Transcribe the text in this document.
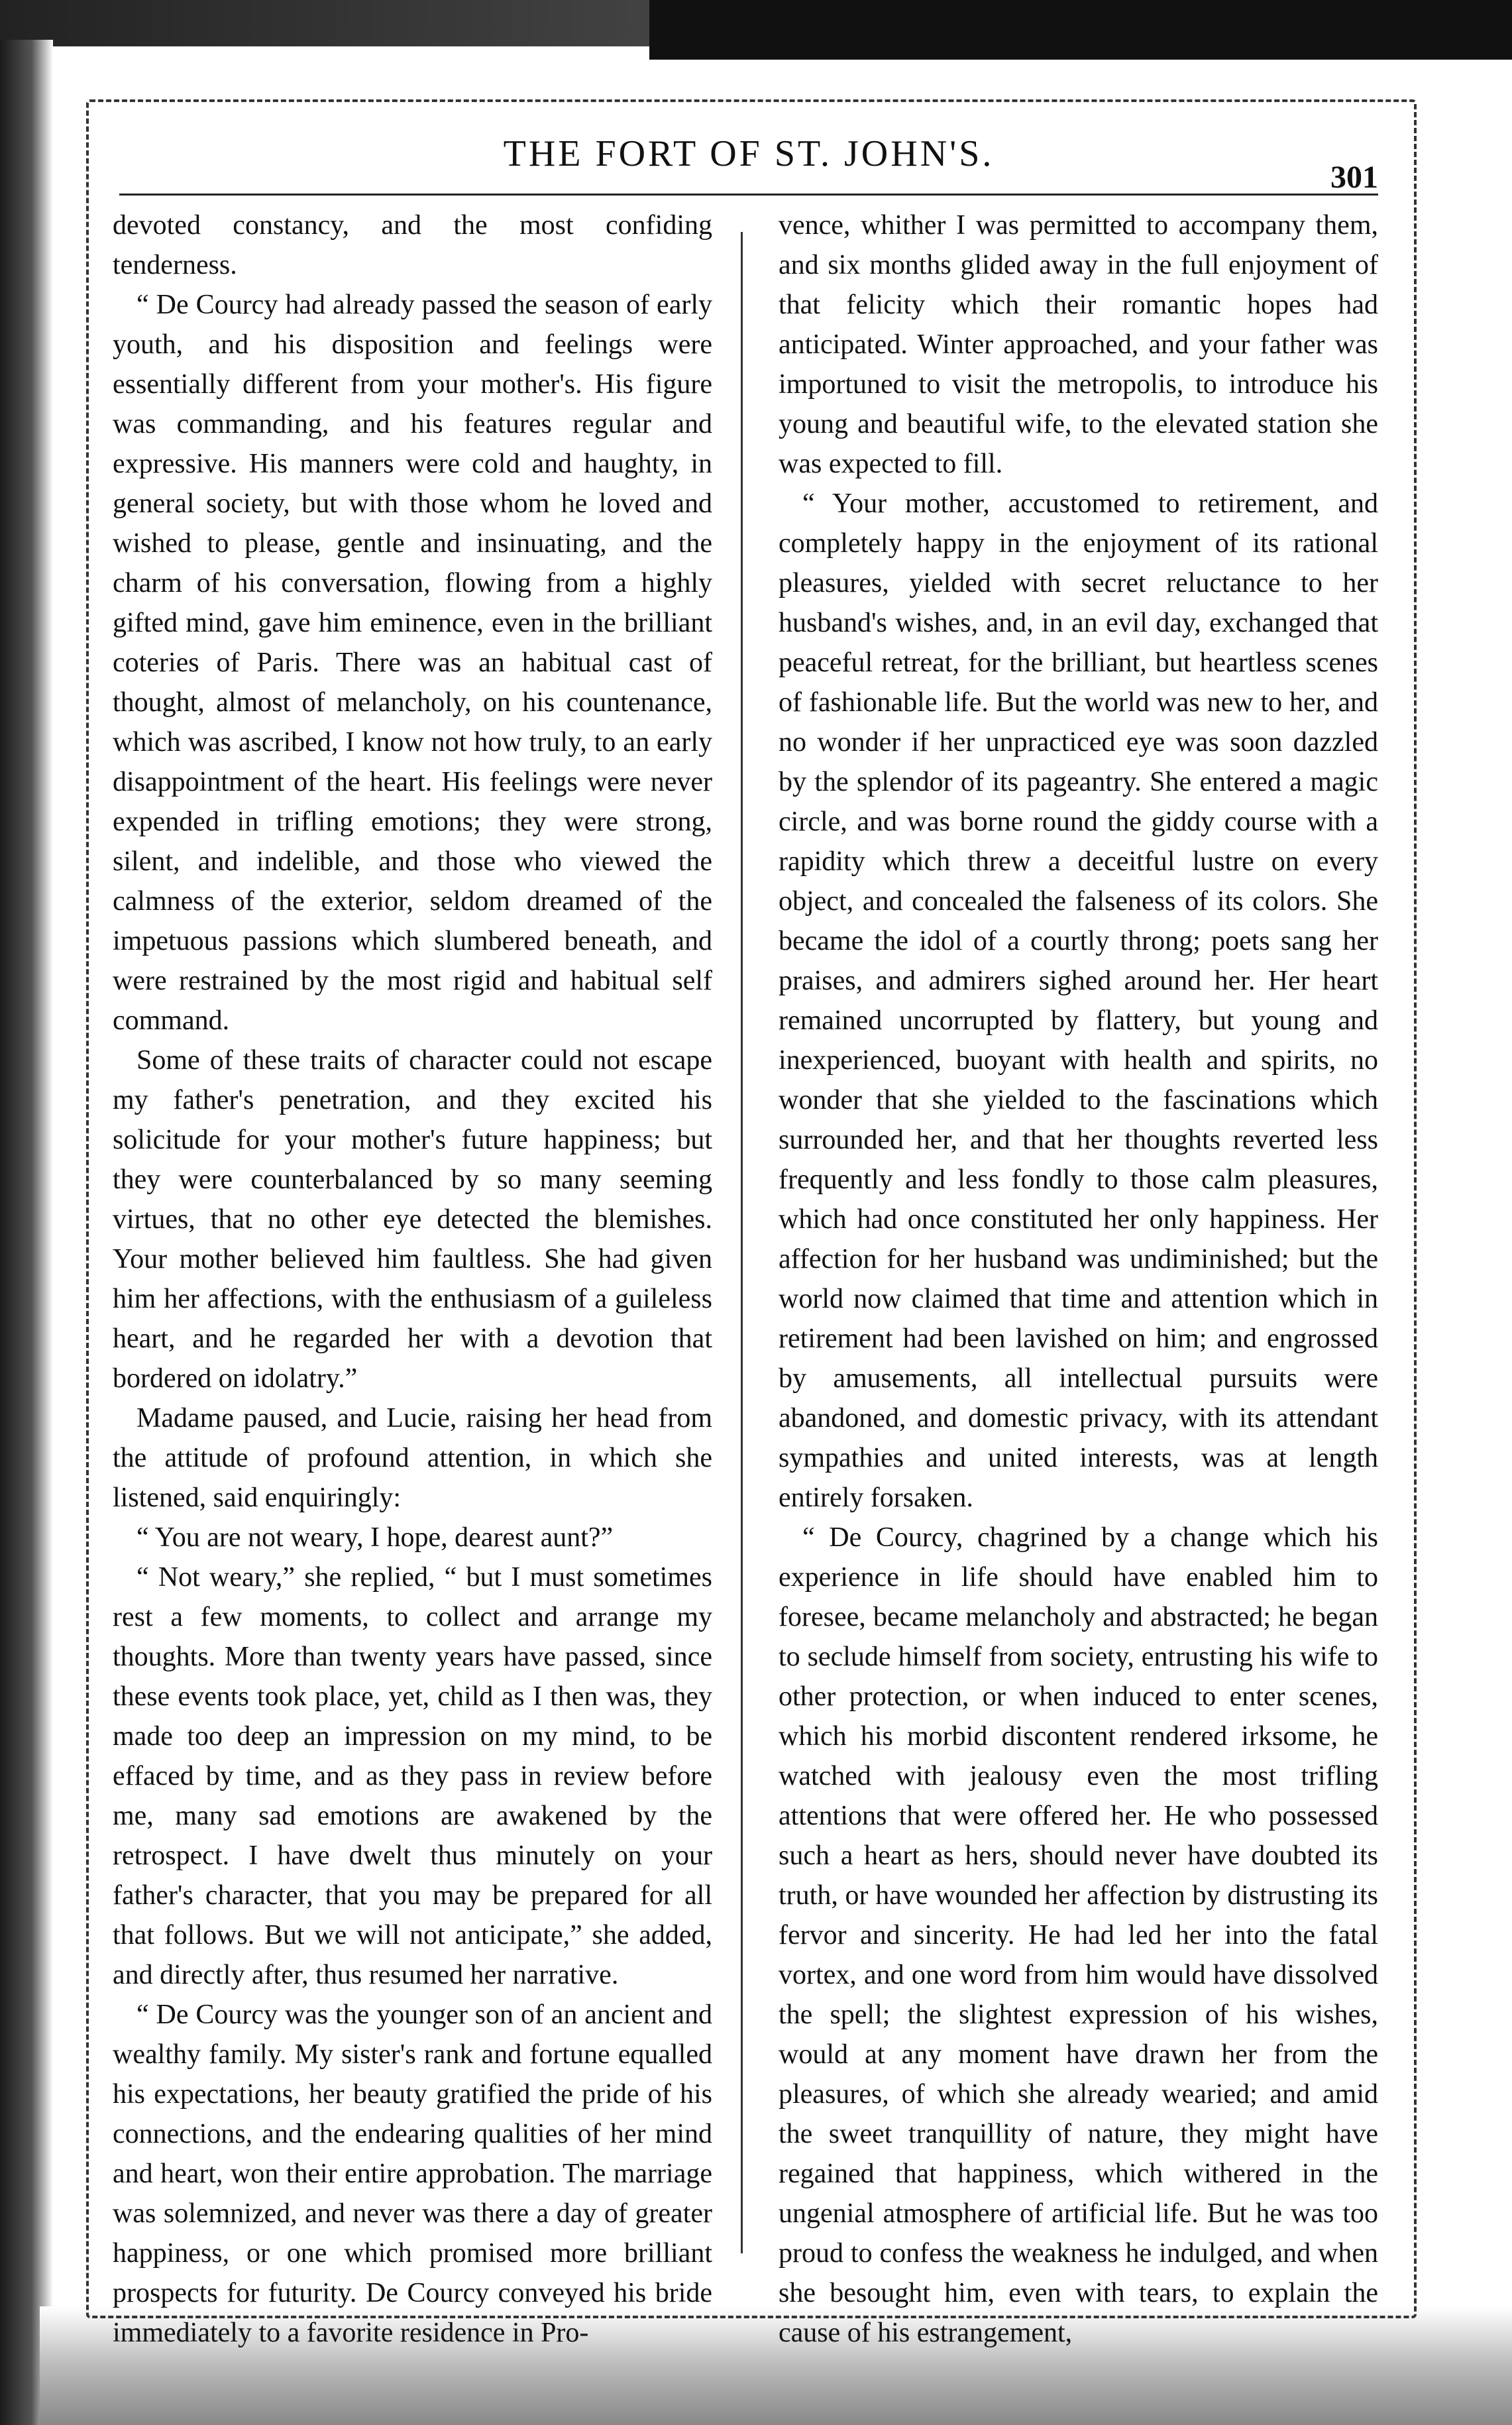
THE FORT OF ST. JOHN'S.
301

devoted constancy, and the most confiding tenderness.

“ De Courcy had already passed the season of early youth, and his disposition and feelings were essentially different from your mother's. His figure was commanding, and his features regular and expressive. His manners were cold and haughty, in general society, but with those whom he loved and wished to please, gentle and insinuating, and the charm of his conversation, flowing from a highly gifted mind, gave him eminence, even in the brilliant coteries of Paris. There was an habitual cast of thought, almost of melancholy, on his countenance, which was ascribed, I know not how truly, to an early disappointment of the heart. His feelings were never expended in trifling emotions; they were strong, silent, and indelible, and those who viewed the calmness of the exterior, seldom dreamed of the impetuous passions which slumbered beneath, and were restrained by the most rigid and habitual self command.

Some of these traits of character could not escape my father's penetration, and they excited his solicitude for your mother's future happiness; but they were counterbalanced by so many seeming virtues, that no other eye detected the blemishes. Your mother believed him faultless. She had given him her affections, with the enthusiasm of a guileless heart, and he regarded her with a devotion that bordered on idolatry.”

Madame paused, and Lucie, raising her head from the attitude of profound attention, in which she listened, said enquiringly:

“ You are not weary, I hope, dearest aunt?”

“ Not weary,” she replied, “ but I must sometimes rest a few moments, to collect and arrange my thoughts. More than twenty years have passed, since these events took place, yet, child as I then was, they made too deep an impression on my mind, to be effaced by time, and as they pass in review before me, many sad emotions are awakened by the retrospect. I have dwelt thus minutely on your father's character, that you may be prepared for all that follows. But we will not anticipate,” she added, and directly after, thus resumed her narrative.

“ De Courcy was the younger son of an ancient and wealthy family. My sister's rank and fortune equalled his expectations, her beauty gratified the pride of his connections, and the endearing qualities of her mind and heart, won their entire approbation. The marriage was solemnized, and never was there a day of greater happiness, or one which promised more brilliant prospects for futurity. De Courcy conveyed his bride immediately to a favorite residence in Pro-

vence, whither I was permitted to accompany them, and six months glided away in the full enjoyment of that felicity which their romantic hopes had anticipated. Winter approached, and your father was importuned to visit the metropolis, to introduce his young and beautiful wife, to the elevated station she was expected to fill.

“ Your mother, accustomed to retirement, and completely happy in the enjoyment of its rational pleasures, yielded with secret reluctance to her husband's wishes, and, in an evil day, exchanged that peaceful retreat, for the brilliant, but heartless scenes of fashionable life. But the world was new to her, and no wonder if her unpracticed eye was soon dazzled by the splendor of its pageantry. She entered a magic circle, and was borne round the giddy course with a rapidity which threw a deceitful lustre on every object, and concealed the falseness of its colors. She became the idol of a courtly throng; poets sang her praises, and admirers sighed around her. Her heart remained uncorrupted by flattery, but young and inexperienced, buoyant with health and spirits, no wonder that she yielded to the fascinations which surrounded her, and that her thoughts reverted less frequently and less fondly to those calm pleasures, which had once constituted her only happiness. Her affection for her husband was undiminished; but the world now claimed that time and attention which in retirement had been lavished on him; and engrossed by amusements, all intellectual pursuits were abandoned, and domestic privacy, with its attendant sympathies and united interests, was at length entirely forsaken.

“ De Courcy, chagrined by a change which his experience in life should have enabled him to foresee, became melancholy and abstracted; he began to seclude himself from society, entrusting his wife to other protection, or when induced to enter scenes, which his morbid discontent rendered irksome, he watched with jealousy even the most trifling attentions that were offered her. He who possessed such a heart as hers, should never have doubted its truth, or have wounded her affection by distrusting its fervor and sincerity. He had led her into the fatal vortex, and one word from him would have dissolved the spell; the slightest expression of his wishes, would at any moment have drawn her from the pleasures, of which she already wearied; and amid the sweet tranquillity of nature, they might have regained that happiness, which withered in the ungenial atmosphere of artificial life. But he was too proud to confess the weakness he indulged, and when she besought him, even with tears, to explain the cause of his estrangement,
